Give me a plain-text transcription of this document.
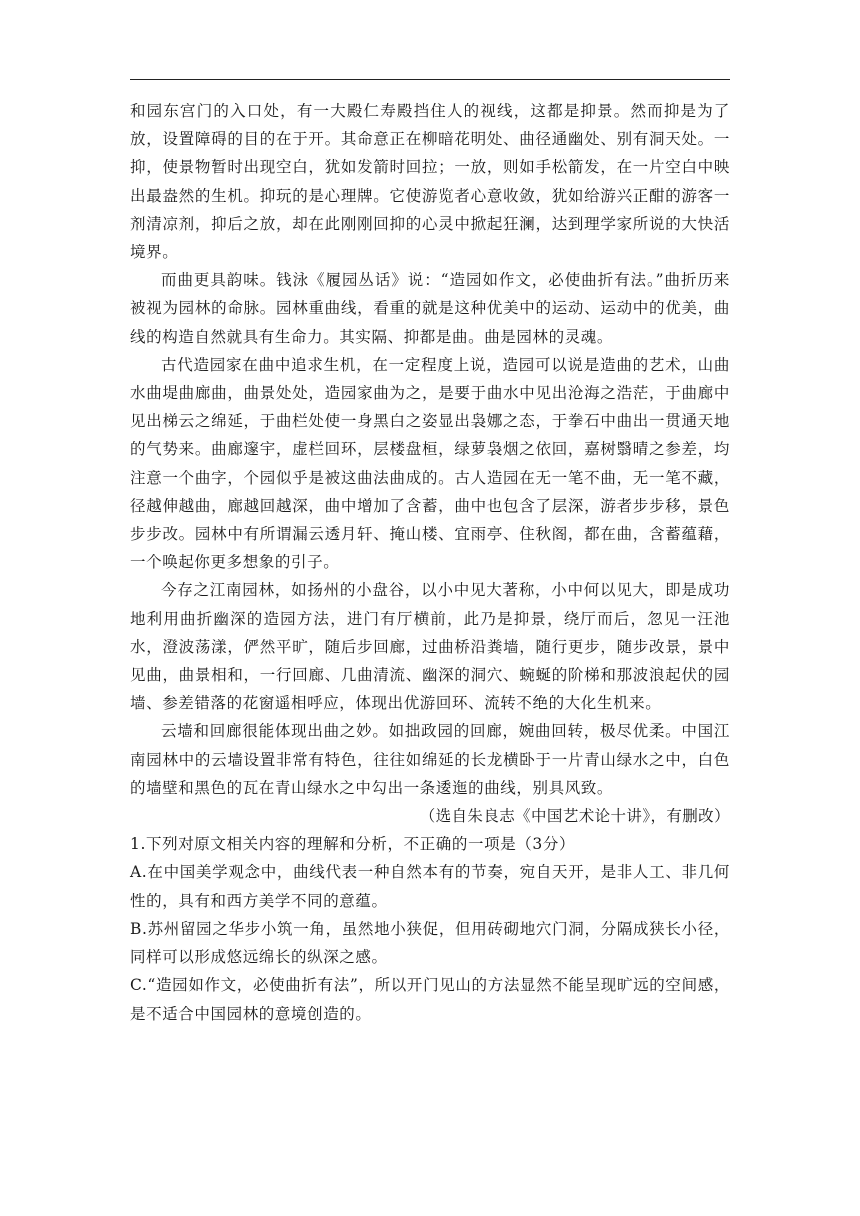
和园东宫门的入口处，有一大殿仁寿殿挡住人的视线，这都是抑景。然而抑是为了放，设置障碍的目的在于开。其命意正在柳暗花明处、曲径通幽处、别有洞天处。一抑，使景物暂时出现空白，犹如发箭时回拉；一放，则如手松箭发，在一片空白中映出最盎然的生机。抑玩的是心理牌。它使游览者心意收敛，犹如给游兴正酣的游客一剂清凉剂，抑后之放，却在此刚刚回抑的心灵中掀起狂澜，达到理学家所说的大快活境界。

而曲更具韵味。钱泳《履园丛话》说：“造园如作文，必使曲折有法。”曲折历来被视为园林的命脉。园林重曲线，看重的就是这种优美中的运动、运动中的优美，曲线的构造自然就具有生命力。其实隔、抑都是曲。曲是园林的灵魂。

古代造园家在曲中追求生机，在一定程度上说，造园可以说是造曲的艺术，山曲水曲堤曲廊曲，曲景处处，造园家曲为之，是要于曲水中见出沧海之浩茫，于曲廊中见出梯云之绵延，于曲栏处使一身黑白之姿显出袅娜之态，于拳石中曲出一贯通天地的气势来。曲廊邃宇，虚栏回环，层楼盘桓，绿萝袅烟之依回，嘉树翳晴之参差，均注意一个曲字，个园似乎是被这曲法曲成的。古人造园在无一笔不曲，无一笔不藏，径越伸越曲，廊越回越深，曲中增加了含蓄，曲中也包含了层深，游者步步移，景色步步改。园林中有所谓漏云透月轩、掩山楼、宜雨亭、住秋阁，都在曲，含蓄蕴藉，一个唤起你更多想象的引子。

今存之江南园林，如扬州的小盘谷，以小中见大著称，小中何以见大，即是成功地利用曲折幽深的造园方法，进门有厅横前，此乃是抑景，绕厅而后，忽见一汪池水，澄波荡漾，俨然平旷，随后步回廊，过曲桥沿粪墙，随行更步，随步改景，景中见曲，曲景相和，一行回廊、几曲清流、幽深的洞穴、蜿蜒的阶梯和那波浪起伏的园墙、参差错落的花窗遥相呼应，体现出优游回环、流转不绝的大化生机来。

云墙和回廊很能体现出曲之妙。如拙政园的回廊，婉曲回转，极尽优柔。中国江南园林中的云墙设置非常有特色，往往如绵延的长龙横卧于一片青山绿水之中，白色的墙壁和黑色的瓦在青山绿水之中勾出一条逶迤的曲线，别具风致。

（选自朱良志《中国艺术论十讲》，有删改）

1.下列对原文相关内容的理解和分析，不正确的一项是（3分）

A.在中国美学观念中，曲线代表一种自然本有的节奏，宛自天开，是非人工、非几何性的，具有和西方美学不同的意蕴。

B.苏州留园之华步小筑一角，虽然地小狭促，但用砖砌地穴门洞，分隔成狭长小径，同样可以形成悠远绵长的纵深之感。

C.“造园如作文，必使曲折有法”，所以开门见山的方法显然不能呈现旷远的空间感，是不适合中国园林的意境创造的。
